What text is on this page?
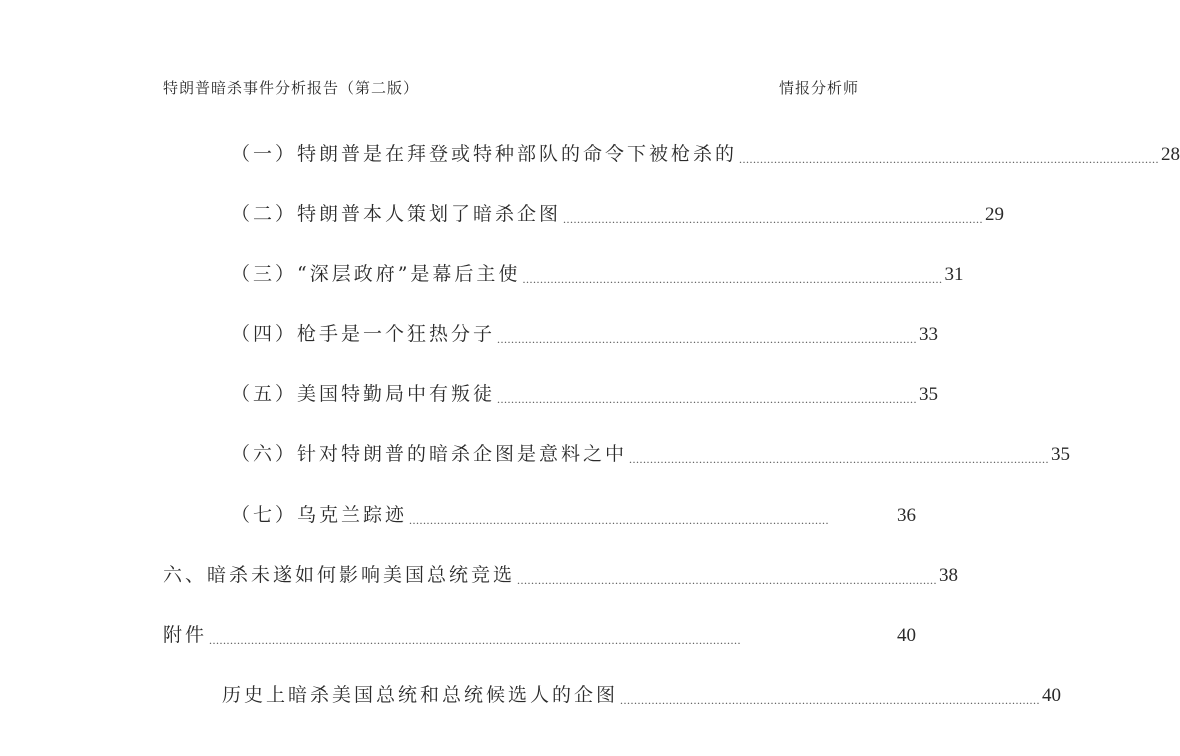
特朗普暗杀事件分析报告（第二版）	情报分析师
（一）特朗普是在拜登或特种部队的命令下被枪杀的 ........................................................................................................................ 28
（二）特朗普本人策划了暗杀企图 ........................................................................................................................ 29
（三）“深层政府”是幕后主使 ........................................................................................................................ 31
（四）枪手是一个狂热分子 ........................................................................................................................ 33
（五）美国特勤局中有叛徒 ........................................................................................................................ 35
（六）针对特朗普的暗杀企图是意料之中 ........................................................................................................................ 35
（七）乌克兰踪迹 ........................................................................................................................	36
六、暗杀未遂如何影响美国总统竞选 ........................................................................................................................ 38
附件 ........................................................................................................................................................	40
历史上暗杀美国总统和总统候选人的企图 ........................................................................................................................ 40
